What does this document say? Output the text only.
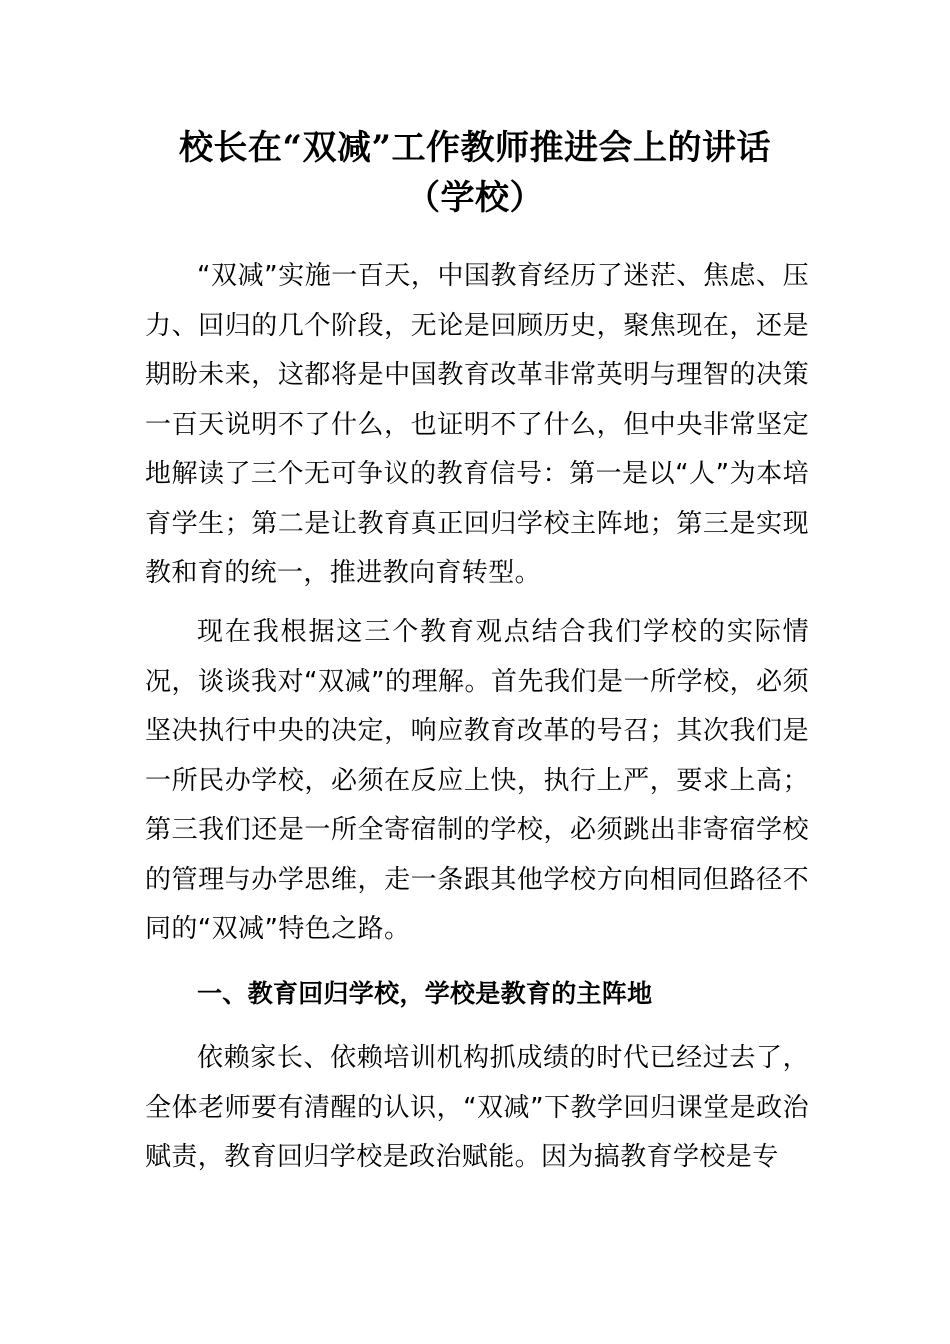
校长在“双减”工作教师推进会上的讲话
（学校）

“双减”实施一百天，中国教育经历了迷茫、焦虑、压力、回归的几个阶段，无论是回顾历史，聚焦现在，还是期盼未来，这都将是中国教育改革非常英明与理智的决策一百天说明不了什么，也证明不了什么，但中央非常坚定地解读了三个无可争议的教育信号：第一是以“人”为本培育学生；第二是让教育真正回归学校主阵地；第三是实现教和育的统一，推进教向育转型。

现在我根据这三个教育观点结合我们学校的实际情况，谈谈我对“双减”的理解。首先我们是一所学校，必须坚决执行中央的决定，响应教育改革的号召；其次我们是一所民办学校，必须在反应上快，执行上严，要求上高；第三我们还是一所全寄宿制的学校，必须跳出非寄宿学校的管理与办学思维，走一条跟其他学校方向相同但路径不同的“双减”特色之路。

一、教育回归学校，学校是教育的主阵地

依赖家长、依赖培训机构抓成绩的时代已经过去了，全体老师要有清醒的认识，“双减”下教学回归课堂是政治赋责，教育回归学校是政治赋能。因为搞教育学校是专
